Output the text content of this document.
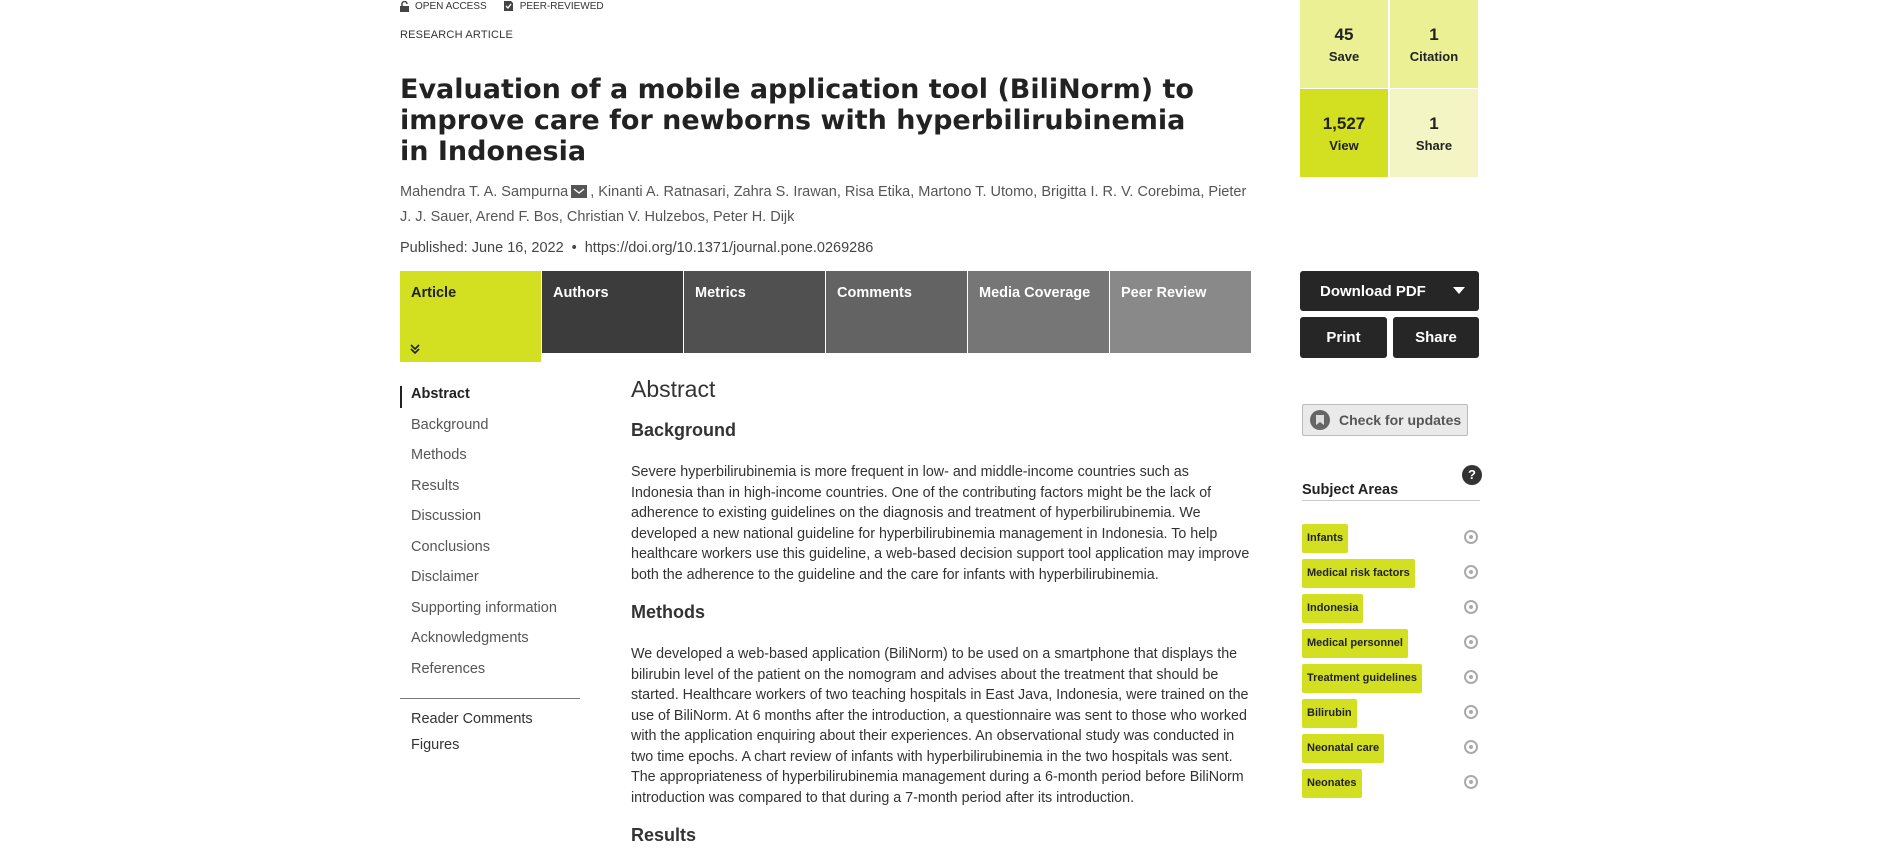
OPEN ACCESS	PEER-REVIEWED
RESEARCH ARTICLE
Evaluation of a mobile application tool (BiliNorm) to improve care for newborns with hyperbilirubinemia in Indonesia
Mahendra T. A. Sampurna , Kinanti A. Ratnasari , Zahra S. Irawan , Risa Etika , Martono T. Utomo , Brigitta I. R. V. Corebima , Pieter J. J. Sauer , Arend F. Bos , Christian V. Hulzebos , Peter H. Dijk
Published: June 16, 2022 • https://doi.org/10.1371/journal.pone.0269286
Article	Authors	Metrics	Comments	Media Coverage	Peer Review
Abstract
Background
Methods
Results
Discussion
Conclusions
Disclaimer
Supporting information
Acknowledgments
References
Reader Comments
Figures
Abstract
Background

Severe hyperbilirubinemia is more frequent in low- and middle-income countries such as Indonesia than in high-income countries. One of the contributing factors might be the lack of adherence to existing guidelines on the diagnosis and treatment of hyperbilirubinemia. We developed a new national guideline for hyperbilirubinemia management in Indonesia. To help healthcare workers use this guideline, a web-based decision support tool application may improve both the adherence to the guideline and the care for infants with hyperbilirubinemia.

Methods

We developed a web-based application (BiliNorm) to be used on a smartphone that displays the bilirubin level of the patient on the nomogram and advises about the treatment that should be started. Healthcare workers of two teaching hospitals in East Java, Indonesia, were trained on the use of BiliNorm. At 6 months after the introduction, a questionnaire was sent to those who worked with the application enquiring about their experiences. An observational study was conducted in two time epochs. A chart review of infants with hyperbilirubinemia in the two hospitals was sent. The appropriateness of hyperbilirubinemia management during a 6-month period before BiliNorm introduction was compared to that during a 7-month period after its introduction.

Results
45
Save
1
Citation
1,527
View
1
Share
Download PDF
Print	Share
Check for updates
?
Subject Areas
Infants
Medical risk factors
Indonesia
Medical personnel
Treatment guidelines
Bilirubin
Neonatal care
Neonates
